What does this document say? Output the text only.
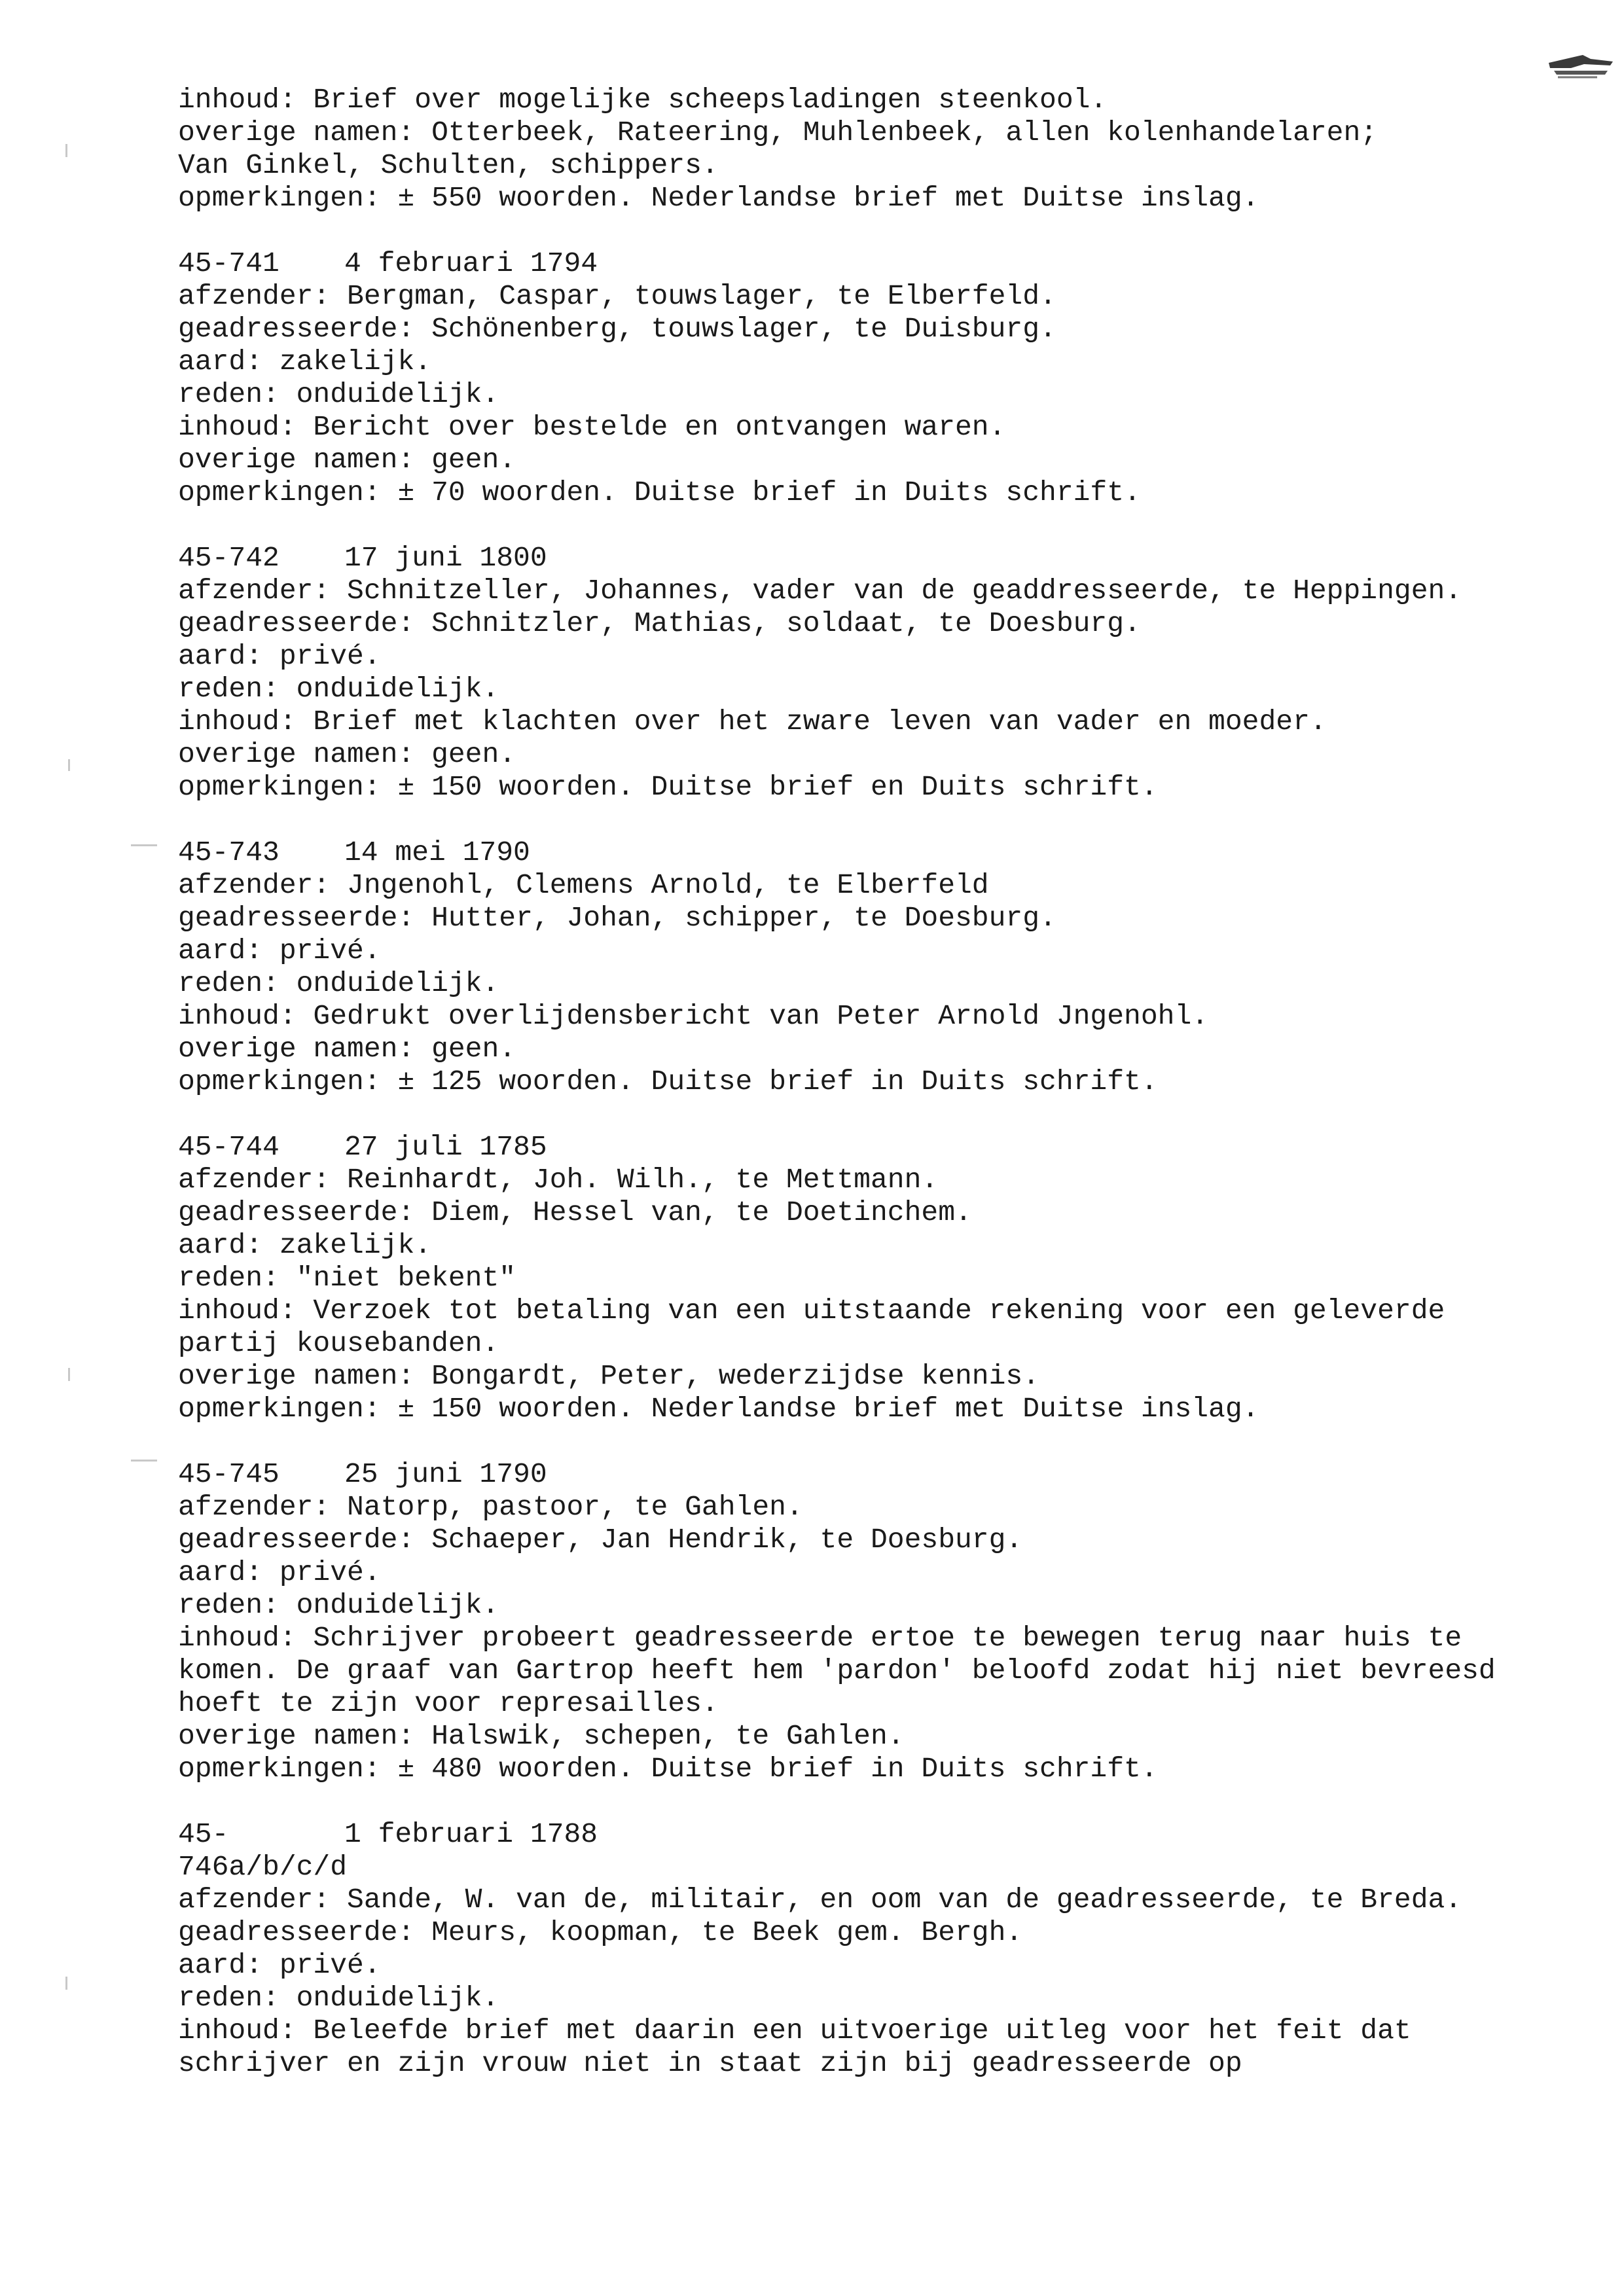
inhoud: Brief over mogelijke scheepsladingen steenkool.

overige namen: Otterbeek, Rateering, Muhlenbeek, allen kolenhandelaren;

Van Ginkel, Schulten, schippers.

opmerkingen: ± 550 woorden. Nederlandse brief met Duitse inslag.

45-741	4 februari 1794

afzender: Bergman, Caspar, touwslager, te Elberfeld.

geadresseerde: Schönenberg, touwslager, te Duisburg.

aard: zakelijk.

reden: onduidelijk.

inhoud: Bericht over bestelde en ontvangen waren.

overige namen: geen.

opmerkingen: ± 70 woorden. Duitse brief in Duits schrift.

45-742	17 juni 1800

afzender: Schnitzeller, Johannes, vader van de geaddresseerde, te Heppingen.

geadresseerde: Schnitzler, Mathias, soldaat, te Doesburg.

aard: privé.

reden: onduidelijk.

inhoud: Brief met klachten over het zware leven van vader en moeder.

overige namen: geen.

opmerkingen: ± 150 woorden. Duitse brief en Duits schrift.

45-743	14 mei 1790

afzender: Jngenohl, Clemens Arnold, te Elberfeld

geadresseerde: Hutter, Johan, schipper, te Doesburg.

aard: privé.

reden: onduidelijk.

inhoud: Gedrukt overlijdensbericht van Peter Arnold Jngenohl.

overige namen: geen.

opmerkingen: ± 125 woorden. Duitse brief in Duits schrift.

45-744	27 juli 1785

afzender: Reinhardt, Joh. Wilh., te Mettmann.

geadresseerde: Diem, Hessel van, te Doetinchem.

aard: zakelijk.

reden: "niet bekent"

inhoud: Verzoek tot betaling van een uitstaande rekening voor een geleverde partij kousebanden.

overige namen: Bongardt, Peter, wederzijdse kennis.

opmerkingen: ± 150 woorden. Nederlandse brief met Duitse inslag.

45-745	25 juni 1790

afzender: Natorp, pastoor, te Gahlen.

geadresseerde: Schaeper, Jan Hendrik, te Doesburg.

aard: privé.

reden: onduidelijk.

inhoud: Schrijver probeert geadresseerde ertoe te bewegen terug naar huis te komen. De graaf van Gartrop heeft hem 'pardon' beloofd zodat hij niet bevreesd hoeft te zijn voor represailles.

overige namen: Halswik, schepen, te Gahlen.

opmerkingen: ± 480 woorden. Duitse brief in Duits schrift.

45-746a/b/c/d
1 februari 1788

afzender: Sande, W. van de, militair, en oom van de geadresseerde, te Breda.

geadresseerde: Meurs, koopman, te Beek gem. Bergh.

aard: privé.

reden: onduidelijk.

inhoud: Beleefde brief met daarin een uitvoerige uitleg voor het feit dat schrijver en zijn vrouw niet in staat zijn bij geadresseerde op
